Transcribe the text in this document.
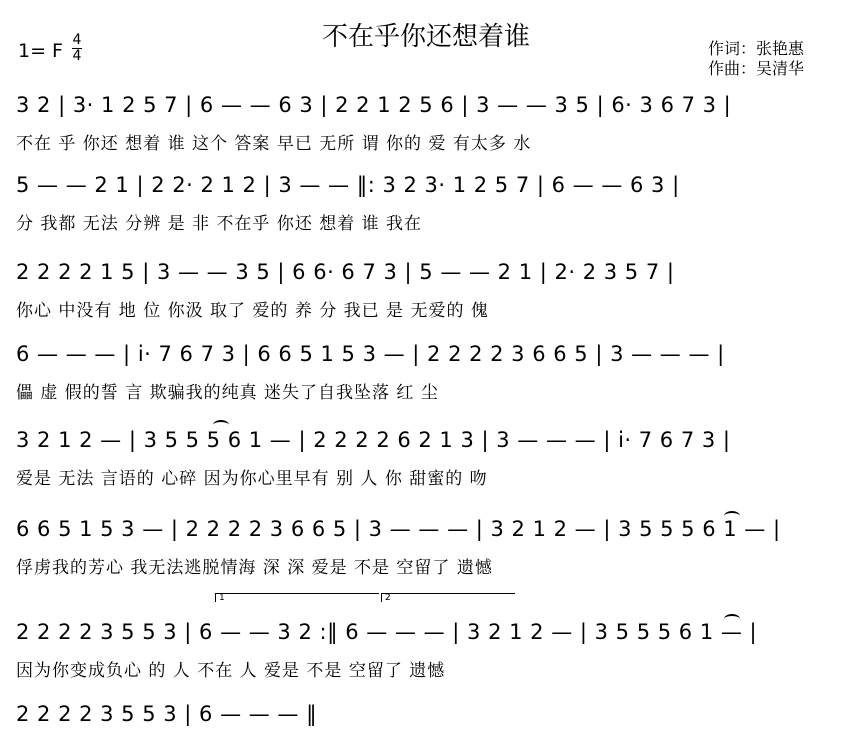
不在乎你还想着谁
1= F 4
4	作词：张艳惠
作曲：吴清华
3 2 | 3· 1 2 5 7 | 6 — — 6 3 | 2 2 1 2 5 6 | 3 — — 3 5 | 6· 3 6 7 3 |
不在 乎 你还 想着 谁 这个 答案 早已 无所 谓 你的 爱 有太多 水
5 — — 2 1 | 2 2· 2 1 2 | 3 — — ‖: 3 2 3· 1 2 5 7 | 6 — — 6 3 |
分 我都 无法 分辨 是 非 不在乎 你还 想着 谁 我在
2 2 2 2 1 5 | 3 — — 3 5 | 6 6· 6 7 3 | 5 — — 2 1 | 2· 2 3 5 7 |
你心 中没有 地 位 你汲 取了 爱的 养 分 我已 是 无爱的 傀
6 — — — | i· 7 6 7 3 | 6 6 5 1 5 3 — | 2 2 2 2 3 6 6 5 | 3 — — — |
儡 虚 假的誓 言 欺骗我的纯真 迷失了自我坠落 红 尘
3 2 1 2 — | 3 5 5 5 6 1 — | 2 2 2 2 6 2 1 3 | 3 — — — | i· 7 6 7 3 |
爱是 无法 言语的 心碎 因为你心里早有 别 人 你 甜蜜的 吻
6 6 5 1 5 3 — | 2 2 2 2 3 6 6 5 | 3 — — — | 3 2 1 2 — | 3 5 5 5 6 1 — |
俘虏我的芳心 我无法逃脱情海 深 深 爱是 不是 空留了 遗憾
1	2
2 2 2 2 3 5 5 3 | 6 — — 3 2 :‖ 6 — — — | 3 2 1 2 — | 3 5 5 5 6 1 — |
因为你变成负心 的 人 不在 人 爱是 不是 空留了 遗憾
2 2 2 2 3 5 5 3 | 6 — — — ‖
